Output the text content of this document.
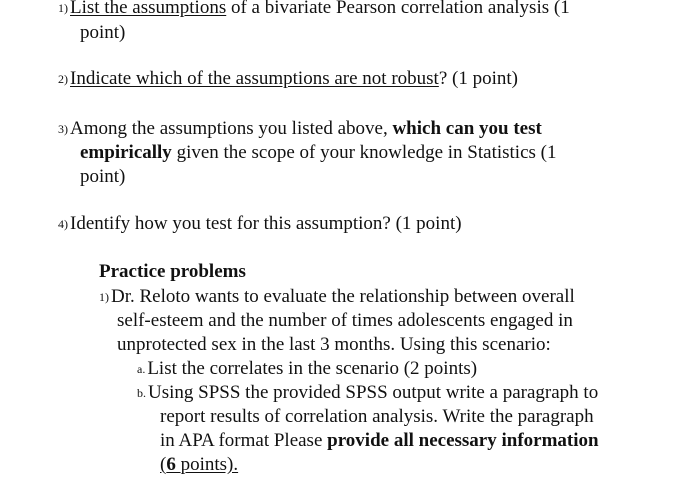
1) List the assumptions of a bivariate Pearson correlation analysis (1
point)
2) Indicate which of the assumptions are not robust? (1 point)
3) Among the assumptions you listed above, which can you test
empirically given the scope of your knowledge in Statistics (1
point)
4) Identify how you test for this assumption? (1 point)
Practice problems
1) Dr. Reloto wants to evaluate the relationship between overall
self-esteem and the number of times adolescents engaged in
unprotected sex in the last 3 months. Using this scenario:
a. List the correlates in the scenario (2 points)
b. Using SPSS the provided SPSS output write a paragraph to
report results of correlation analysis. Write the paragraph
in APA format Please provide all necessary information
(6 points).
